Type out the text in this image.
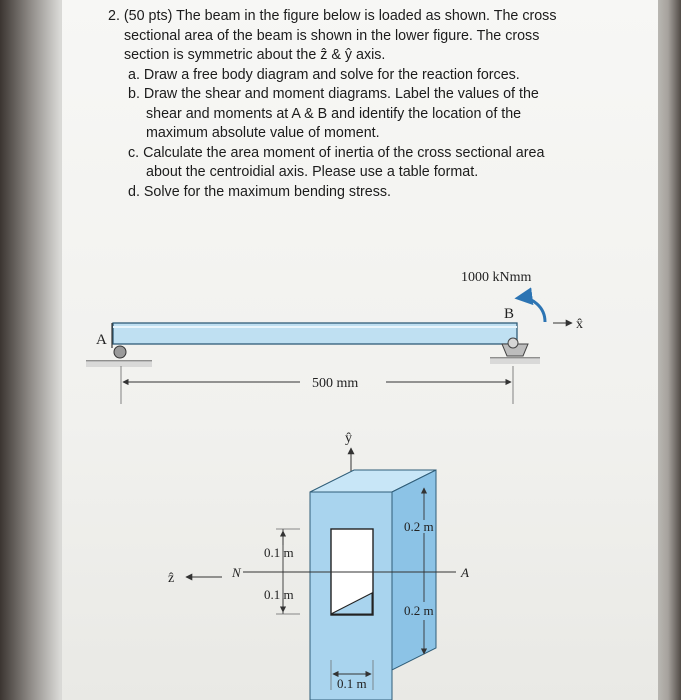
2. (50 pts) The beam in the figure below is loaded as shown. The cross

sectional area of the beam is shown in the lower figure. The cross

section is symmetric about the ẑ & ŷ axis.

a. Draw a free body diagram and solve for the reaction forces.

b. Draw the shear and moment diagrams. Label the values of the

shear and moments at A & B and identify the location of the

maximum absolute value of moment.

c. Calculate the area moment of inertia of the cross sectional area

about the centroidial axis. Please use a table format.

d. Solve for the maximum bending stress.

A
B
1000 kNmm
x̂
500 mm
ŷ
N	A
ẑ
0.1 m
0.1 m
0.2 m
0.2 m
0.1 m
